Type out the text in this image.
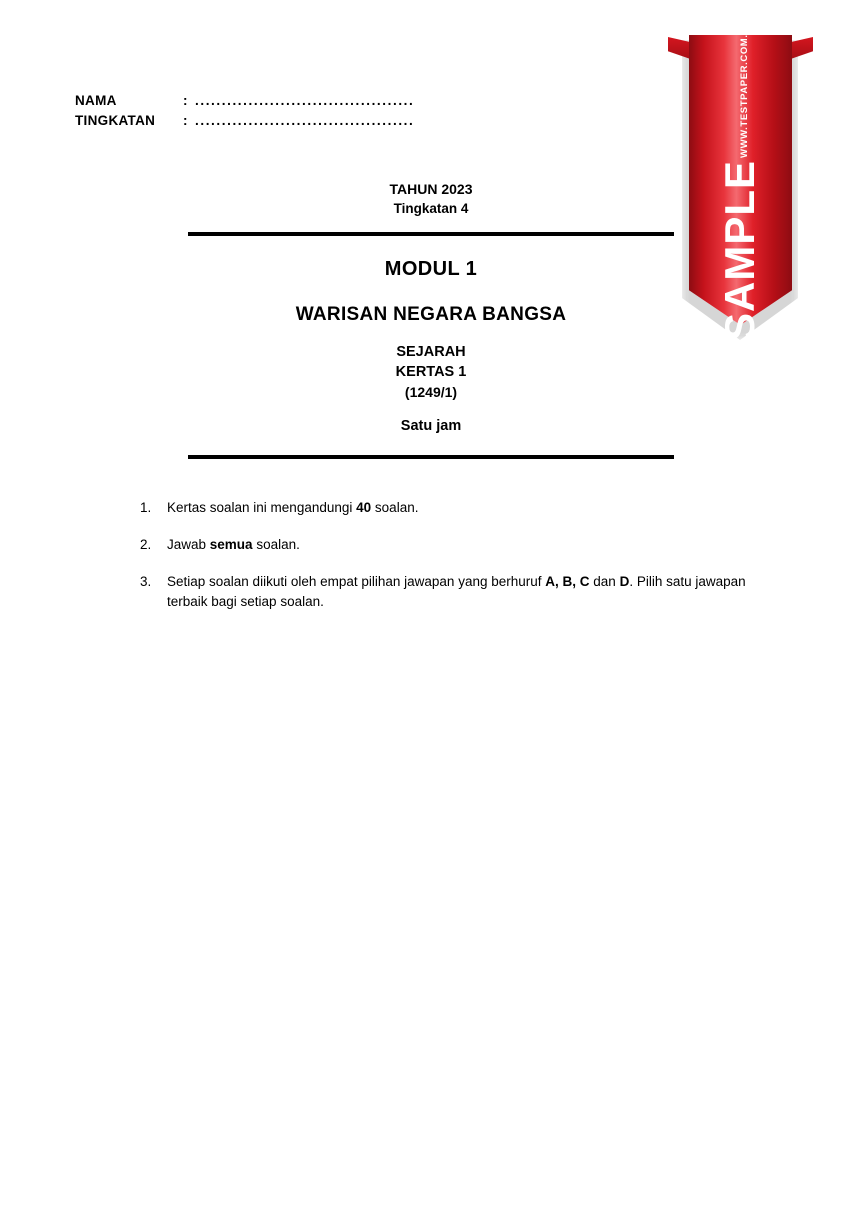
NAMA	: .........................................
TINGKATAN	: .........................................
TAHUN 2023
Tingkatan 4
MODUL 1
WARISAN NEGARA BANGSA
SEJARAH
KERTAS 1
(1249/1)
Satu jam
1.	Kertas soalan ini mengandungi 40 soalan.
2.	Jawab semua soalan.
3.	Setiap soalan diikuti oleh empat pilihan jawapan yang berhuruf A, B, C dan D. Pilih satu jawapan terbaik bagi setiap soalan.
SAMPLE
WWW.TESTPAPER.COM.MY
